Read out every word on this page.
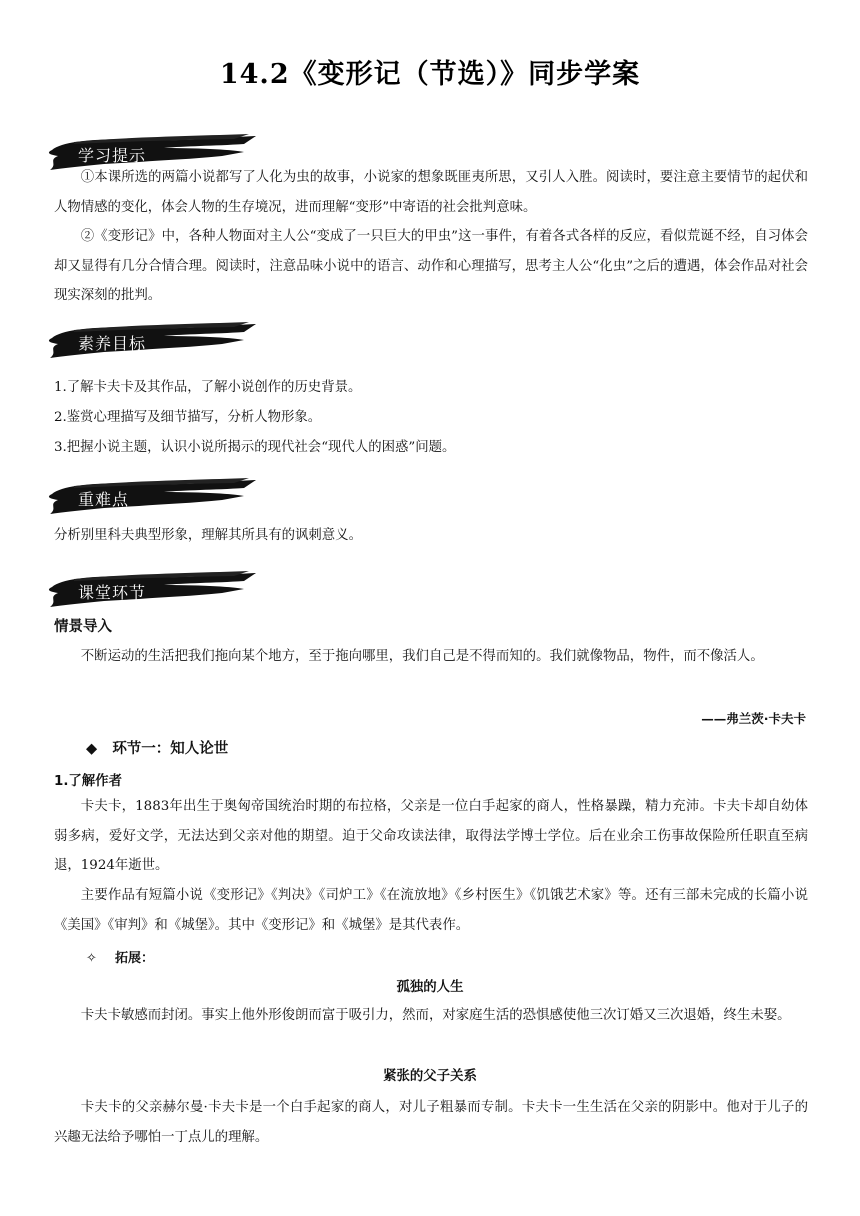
14.2《变形记（节选）》同步学案
学习提示
①本课所选的两篇小说都写了人化为虫的故事，小说家的想象既匪夷所思，又引人入胜。阅读时，要注意主要情节的起伏和人物情感的变化，体会人物的生存境况，进而理解“变形”中寄语的社会批判意味。
②《变形记》中，各种人物面对主人公“变成了一只巨大的甲虫”这一事件，有着各式各样的反应，看似荒诞不经，自习体会却又显得有几分合情合理。阅读时，注意品味小说中的语言、动作和心理描写，思考主人公“化虫”之后的遭遇，体会作品对社会现实深刻的批判。
素养目标
1.了解卡夫卡及其作品，了解小说创作的历史背景。
2.鉴赏心理描写及细节描写，分析人物形象。
3.把握小说主题，认识小说所揭示的现代社会“现代人的困惑”问题。
重难点
分析别里科夫典型形象，理解其所具有的讽刺意义。
课堂环节
情景导入
不断运动的生活把我们拖向某个地方，至于拖向哪里，我们自己是不得而知的。我们就像物品，物件，而不像活人。
——弗兰茨·卡夫卡
◆ 环节一：知人论世
1.了解作者
卡夫卡，1883年出生于奥匈帝国统治时期的布拉格，父亲是一位白手起家的商人，性格暴躁，精力充沛。卡夫卡却自幼体弱多病，爱好文学，无法达到父亲对他的期望。迫于父命攻读法律，取得法学博士学位。后在业余工伤事故保险所任职直至病退，1924年逝世。
主要作品有短篇小说《变形记》《判决》《司炉工》《在流放地》《乡村医生》《饥饿艺术家》等。还有三部未完成的长篇小说《美国》《审判》和《城堡》。其中《变形记》和《城堡》是其代表作。
✧ 拓展：
孤独的人生
卡夫卡敏感而封闭。事实上他外形俊朗而富于吸引力，然而，对家庭生活的恐惧感使他三次订婚又三次退婚，终生未娶。
紧张的父子关系
卡夫卡的父亲赫尔曼·卡夫卡是一个白手起家的商人，对儿子粗暴而专制。卡夫卡一生生活在父亲的阴影中。他对于儿子的兴趣无法给予哪怕一丁点儿的理解。
